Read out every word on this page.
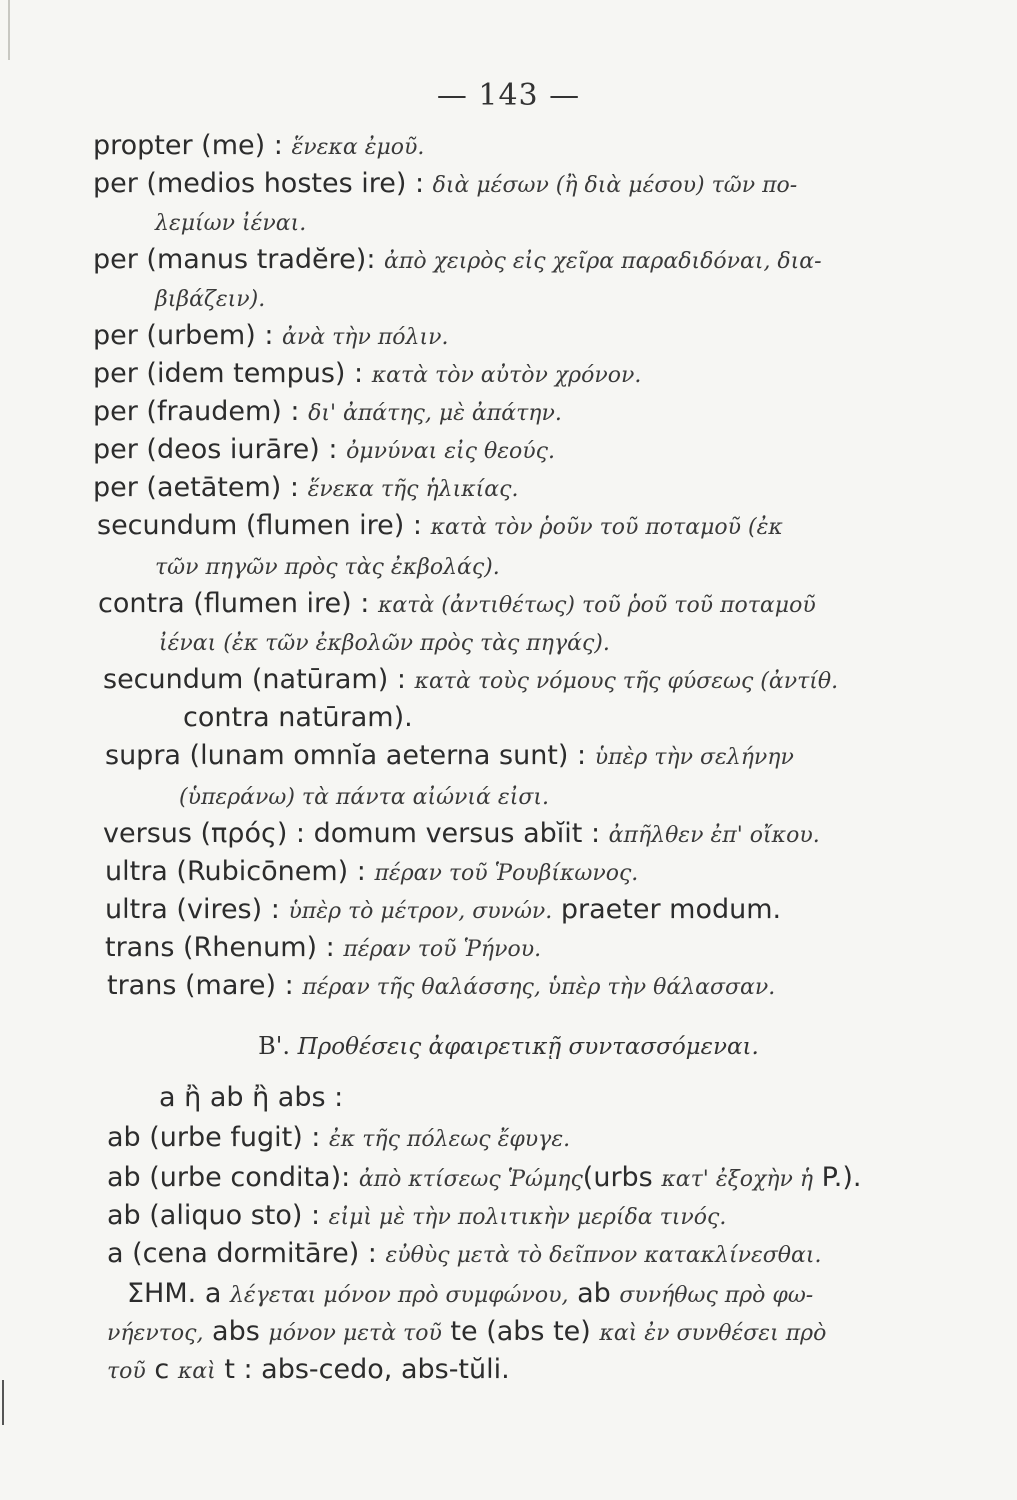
— 143 —
propter (me) : ἕνεκα ἐμοῦ.
per (medios hostes ire) : διὰ μέσων (ἢ διὰ μέσου) τῶν πο-
λεμίων ἰέναι.
per (manus tradĕre): ἀπὸ χειρὸς εἰς χεῖρα παραδιδόναι, δια-
βιβάζειν).
per (urbem) : ἀνὰ τὴν πόλιν.
per (idem tempus) : κατὰ τὸν αὐτὸν χρόνον.
per (fraudem) : δι' ἀπάτης, μὲ ἀπάτην.
per (deos iurāre) : ὀμνύναι εἰς θεούς.
per (aetātem) : ἕνεκα τῆς ἡλικίας.
secundum (flumen ire) : κατὰ τὸν ῥοῦν τοῦ ποταμοῦ (ἐκ
τῶν πηγῶν πρὸς τὰς ἐκβολάς).
contra (flumen ire) : κατὰ (ἀντιθέτως) τοῦ ῥοῦ τοῦ ποταμοῦ
ἰέναι (ἐκ τῶν ἐκβολῶν πρὸς τὰς πηγάς).
secundum (natūram) : κατὰ τοὺς νόμους τῆς φύσεως (ἀντίθ.
contra natūram).
supra (lunam omnĭa aeterna sunt) : ὑπὲρ τὴν σελήνην
(ὑπεράνω) τὰ πάντα αἰώνιά εἰσι.
versus (πρός) : domum versus abĭit : ἀπῆλθεν ἐπ' οἴκου.
ultra (Rubicōnem) : πέραν τοῦ Ῥουβίκωνος.
ultra (vires) : ὑπὲρ τὸ μέτρον, συνών. praeter modum.
trans (Rhenum) : πέραν τοῦ Ῥήνου.
trans (mare) : πέραν τῆς θαλάσσης, ὑπὲρ τὴν θάλασσαν.
B'. Προθέσεις ἀφαιρετικῇ συντασσόμεναι.
a ἢ ab ἢ abs :
ab (urbe fugit) : ἐκ τῆς πόλεως ἔφυγε.
ab (urbe condita): ἀπὸ κτίσεως Ῥώμης(urbs κατ' ἐξοχὴν ἡ P.).
ab (aliquo sto) : εἰμὶ μὲ τὴν πολιτικὴν μερίδα τινός.
a (cena dormitāre) : εὐθὺς μετὰ τὸ δεῖπνον κατακλίνεσθαι.
ΣΗΜ. a λέγεται μόνον πρὸ συμφώνου, ab συνήθως πρὸ φω-
νήεντος, abs μόνον μετὰ τοῦ te (abs te) καὶ ἐν συνθέσει πρὸ
τοῦ c καὶ t : abs-cedo, abs-tŭli.
